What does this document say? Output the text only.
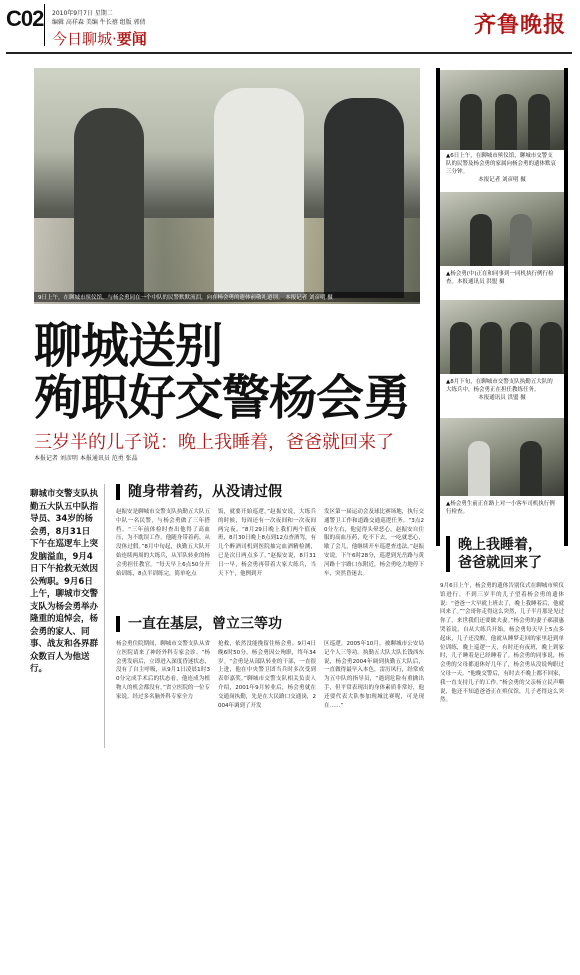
C02 2010年9月7日 星期二
编辑 高祥森 美编 牛长禧 组版 郭倩
今日聊城·要闻
齐鲁晚报
9日上午，在聊城市殡仪馆，与杨会勇同在一个中队的民警默默流泪，向在杨会勇的遗体前敬礼道别。 本报记者 刘彦明 摄
▲6日上午，在聊城市殡仪馆，聊城市交警支队的民警及杨会勇的家属向杨会勇的遗体默哀三分钟。
本报记者 刘彦明 摄
▲杨会勇(中)正在和同事到一同机执行例行检查。本报通讯员 洪盟 摄
▲8月下旬，在聊城市交警支队执勤五大队的大练兵中，杨会勇正在担任教练任务。
本报通讯员 洪盟 摄
▲杨会勇生前正在路上对一小客车司机执行例行检查。
聊城送别
殉职好交警杨会勇
三岁半的儿子说：晚上我睡着，爸爸就回来了
本报记者 刘彦明 本报通讯员 范勇 张晶
聊城市交警支队执勤五大队五中队指导员、34岁的杨会勇，8月31日下午在巡逻车上突发脑溢血，9月4日下午抢救无效因公殉职。9月6日上午，聊城市交警支队为杨会勇举办隆重的追悼会，杨会勇的家人、同事、战友和各界群众数百人为他送行。
随身带着药，从没请过假
赵振安是聊城市交警支队执勤五大队五中队一名民警，与杨会勇做了三年搭档。“三年前体检时查出他得了高血压，为不耽误工作，他随身带着药，从没休过假。”8月中旬起，执勤五大队开始连续两周的大练兵，从军队转业的杨会勇担任教官。“每天早上6点50分开始训练，8点半训练完，简单吃点
饭，就要开始巡逻，”赵振安说，大练兵的时候，每周还有一次夜间和一次夜间两完夜。“8月29日晚上我们两个值夜班，8月30日晚上8点到12点查酒驾，有几个醉酒司机到医院抽完血酒精检测，已是次日两点多了。”赵振安说，8月31日一早，杨会勇再带着大家大练兵，当天下午，他例到开
发区第一届运动会及球比赛场地，执行交通警卫工作和道路交通巡逻任务。“3点20分左右，他觉得头晕恶心，赵振安自住服的高血压药，吃不下去，一吃就恶心，歇了会儿，他继续开车巡逻查违法。”赵振安说，下午6时28分，巡逻到光岳路与黄河路十字路口东附近，杨会勇吃力地停下车，突然昏迷去。
一直在基层，曾立三等功
杨会勇住院期间，聊城市交警支队从省立医院请来了神经外科专家会诊。“杨会勇发病后，立即进入深度昏迷状态，没有了自主呼吸，从9月1日凌晨1时30分完成手术后的状态看，他连成为植物人的机会都没有，”省立医院的一位专家说。经过多名脑外科专家全力
抢救，依然没能挽留住杨会勇。9月4日晚6时50分，杨会勇因公殉职，终年34岁。“会勇是从部队转业的干部，一直很上进，他在中央警卫团当兵时多次受到表彰嘉奖。”聊城市交警支队相关负责人介绍，2001年9月转业后，杨会勇就在交通岗执勤，先是在大民路口交通岗，2004年调到了开发
区巡逻。2005年10月，被聊城市公安局记个人三等功。执勤五大队大队长钱西东说，杨会勇2004年调到执勤五大队后，一直做得最早入本色，雷厉风行，经常成为五中队的指导员，“遇到危险有重擒出手，但平常表现出的身体素质非常好，他还要代表大队参加现城比赛呢，可是现在……”
晚上我睡着，
爸爸就回来了
9月6日上午，杨会勇的遗体告别仪式在聊城市殡仪馆进行。不到三岁半的儿子望着杨会勇的遗体说：“爸爸一大早就上班去了，晚上我睡着后，他就回来了。”“会哥你走得这么突然，儿子半月那是见过你了，来世我们还要做夫妻。”杨会勇的妻子郝淑惠哭着说，自从大练兵开始，杨会勇每天早上5点多起床，儿子还没醒，他就从睡梦走回的家里赶到单位训练，晚上巡逻一天，有时还有夜班，晚上到家时，儿子睡着是已经睡着了。杨会勇的同事说，杨会勇的父母都退休好几年了，杨会勇从没说殉职过父母一天。“他晚交警后，有时去不晚上都不回家，我一直支持儿子的工作。”杨会勇的父亲杨立民声嘶说，他还不知道爸爸正在殡仪馆，儿子老得这么突然。
